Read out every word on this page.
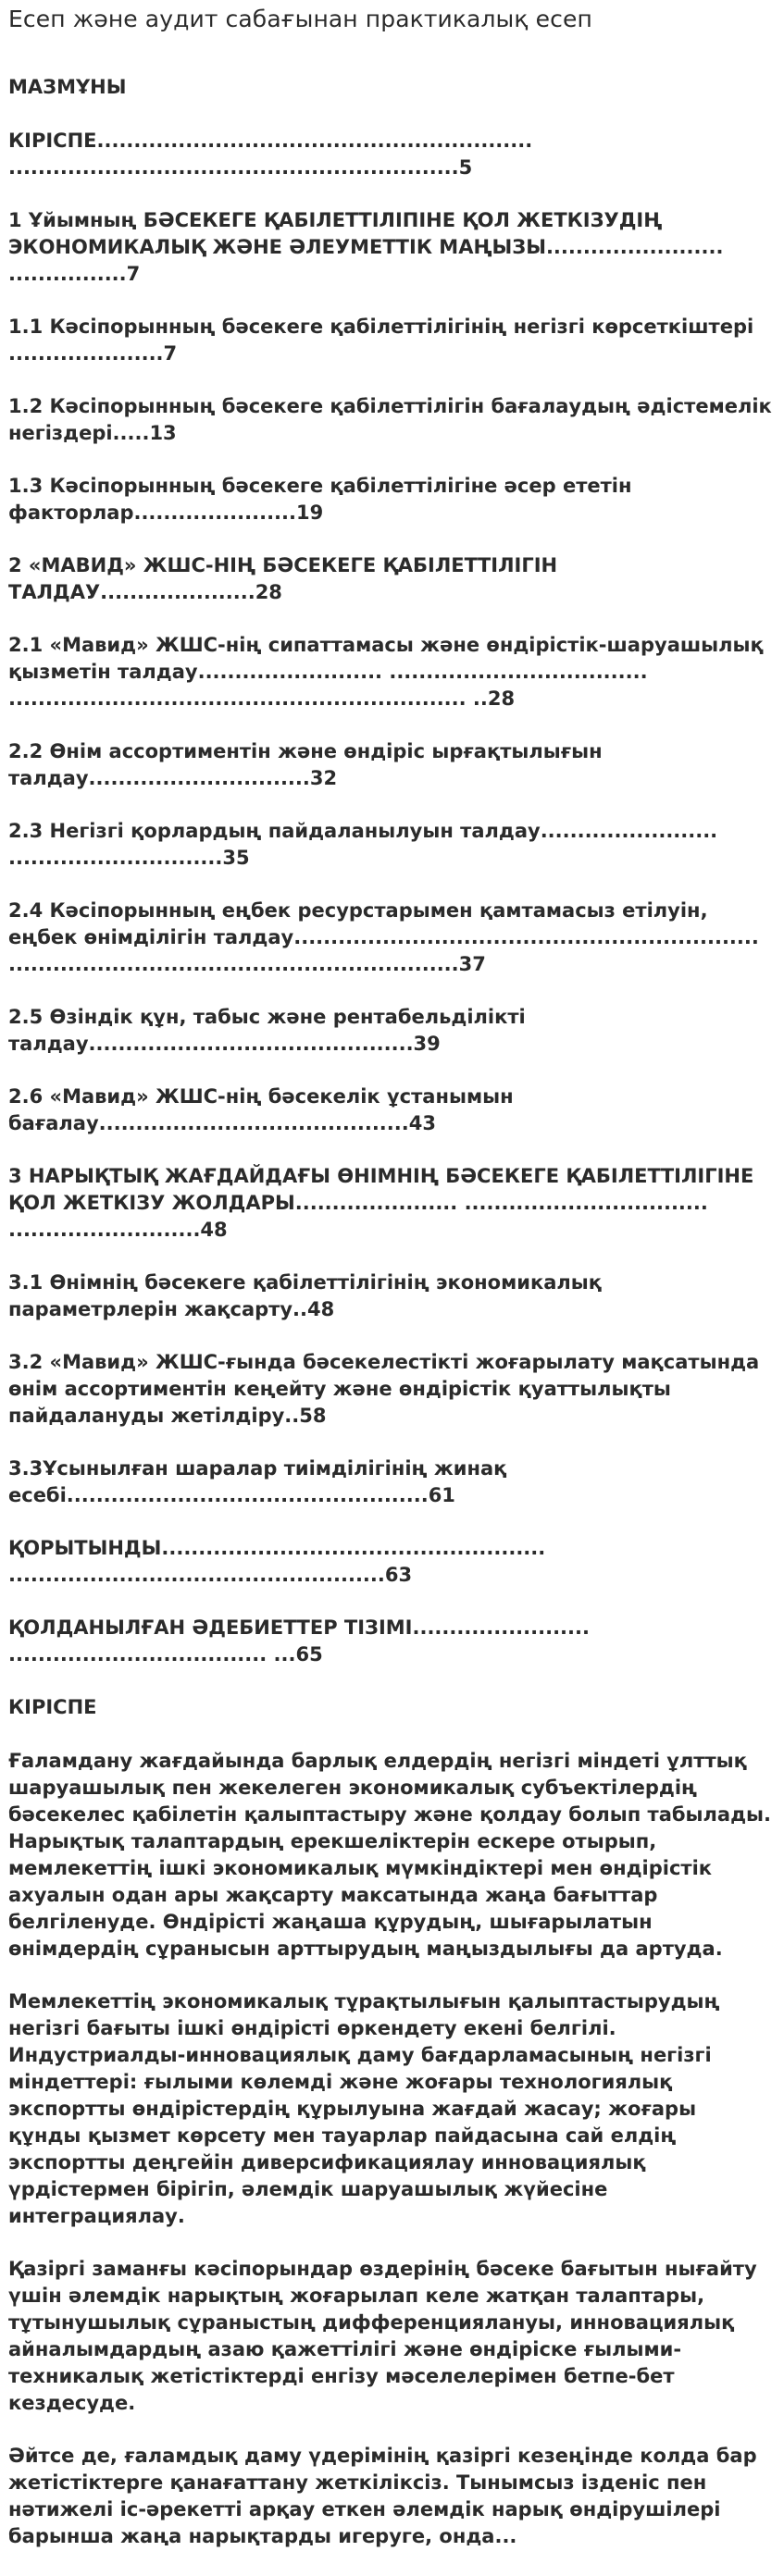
Есеп және аудит сабағынан практикалық есеп
МАЗМҰНЫ
КІРІСПЕ........................................................... .............................................................5
1 Ұйымның БӘСЕКЕГЕ ҚАБІЛЕТТІЛІПІНЕ ҚОЛ ЖЕТКІЗУДІҢ ЭКОНОМИКАЛЫҚ ЖӘНЕ ӘЛЕУМЕТТІК МАҢЫЗЫ........................ ................7
1.1 Кәсіпорынның бәсекеге қабілеттілігінің негізгі көрсеткіштері .....................7
1.2 Кәсіпорынның бәсекеге қабілеттілігін бағалаудың әдістемелік негіздері.....13
1.3 Кәсіпорынның бәсекеге қабілеттілігіне әсер ететін факторлар......................19
2 «МАВИД» ЖШС-НІҢ БӘСЕКЕГЕ ҚАБІЛЕТТІЛІГІН ТАЛДАУ.....................28
2.1 «Мавид» ЖШС-нің сипаттамасы және өндірістік-шаруашылық қызметін талдау......................... ................................... .............................................................. ..28
2.2 Өнім ассортиментін және өндіріс ырғақтылығын талдау..............................32
2.3 Негізгі қорлардың пайдаланылуын талдау........................ .............................35
2.4 Кәсіпорынның еңбек ресурстарымен қамтамасыз етілуін, еңбек өнімділігін талдау............................................................... .............................................................37
2.5 Өзіндік құн, табыс және рентабельділікті талдау............................................39
2.6 «Мавид» ЖШС-нің бәсекелік ұстанымын бағалау..........................................43
3 НАРЫҚТЫҚ ЖАҒДАЙДАҒЫ ӨНІМНІҢ БӘСЕКЕГЕ ҚАБІЛЕТТІЛІГІНЕ ҚОЛ ЖЕТКІЗУ ЖОЛДАРЫ...................... ................................. ..........................48
3.1 Өнімнің бәсекеге қабілеттілігінің экономикалық параметрлерін жақсарту..48
3.2 «Мавид» ЖШС-ғында бәсекелестікті жоғарылату мақсатында өнім ассортиментін кеңейту және өндірістік қуаттылықты пайдалануды жетілдіру..58
3.3Ұсынылған шаралар тиімділігінің жинақ есебі.................................................61
ҚОРЫТЫНДЫ.................................................... ...................................................63
ҚОЛДАНЫЛҒАН ӘДЕБИЕТТЕР ТІЗІМІ........................ ................................... ...65
КІРІСПЕ
Ғаламдану жағдайында барлық елдердің негізгі міндеті ұлттық шаруашылық пен жекелеген экономикалық субъектілердің бәсекелес қабілетін қалыптастыру және қолдау болып табылады. Нарықтық талаптардың ерекшеліктерін ескере отырып, мемлекеттің ішкі экономикалық мүмкіндіктері мен өндірістік ахуалын одан ары жақсарту максатында жаңа бағыттар белгіленуде. Өндірісті жаңаша құрудың, шығарылатын өнімдердің сұранысын арттырудың маңыздылығы да артуда.
Мемлекеттің экономикалық тұрақтылығын қалыптастырудың негізгі бағыты ішкі өндірісті өркендету екені белгілі. Индустриалды-инновациялық даму бағдарламасының негізгі міндеттері: ғылыми көлемді және жоғары технологиялық экспортты өндірістердің құрылуына жағдай жасау; жоғары құнды қызмет көрсету мен тауарлар пайдасына сай елдің экспортты деңгейін диверсификациялау инновациялық үрдістермен бірігіп, әлемдік шаруашылық жүйесіне интеграциялау.
Қазіргі заманғы кәсіпорындар өздерінің бәсеке бағытын нығайту үшін әлемдік нарықтың жоғарылап келе жатқан талаптары, тұтынушылық сұраныстың дифференциялануы, инновациялық айналымдардың азаю қажеттілігі және өндіріске ғылыми-техникалық жетістіктерді енгізу мәселелерімен бетпе-бет кездесуде.
Әйтсе де, ғаламдық даму үдерімінің қазіргі кезеңінде колда бар жетістіктерге қанағаттану жеткіліксіз. Тынымсыз ізденіс пен нәтижелі іс-әрекетті арқау еткен әлемдік нарық өндірушілері барынша жаңа нарықтарды игеруге, онда...
